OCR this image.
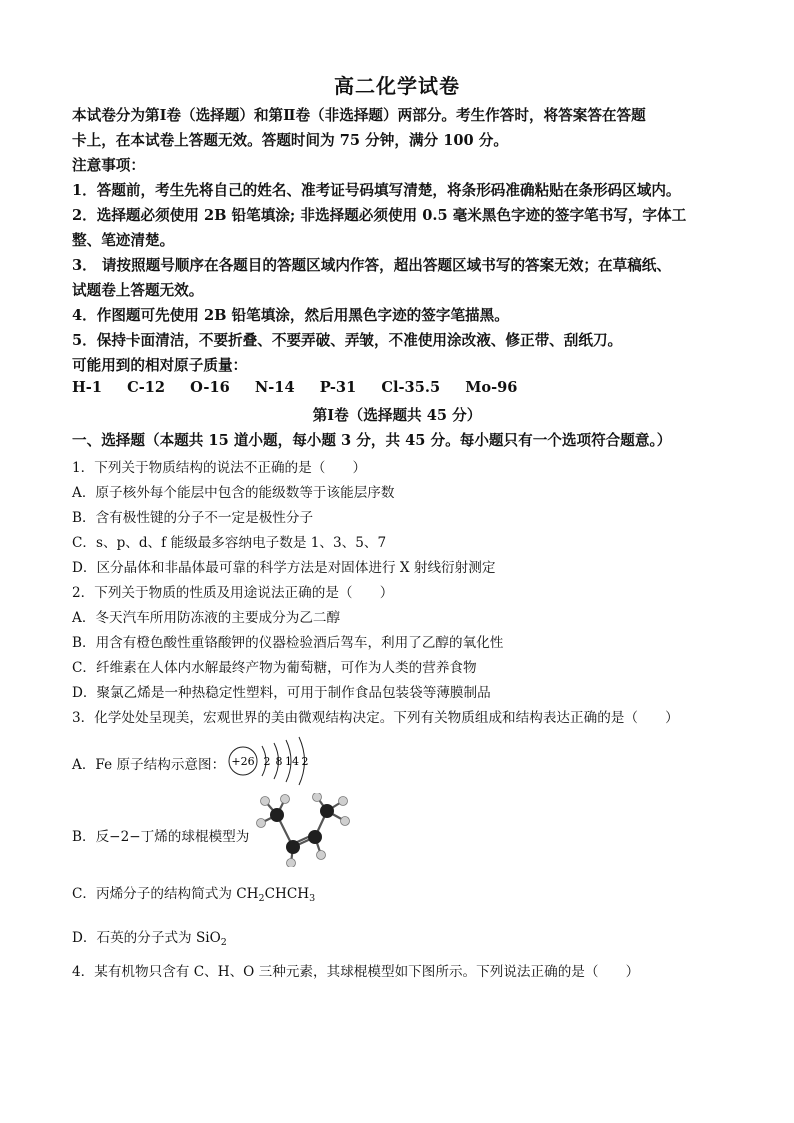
高二化学试卷
本试卷分为第Ⅰ卷（选择题）和第Ⅱ卷（非选择题）两部分。考生作答时，将答案答在答题
卡上，在本试卷上答题无效。答题时间为 75 分钟，满分 100 分。
注意事项：
1．答题前，考生先将自己的姓名、准考证号码填写清楚，将条形码准确粘贴在条形码区域内。
2．选择题必须使用 2B 铅笔填涂; 非选择题必须使用 0.5 毫米黑色字迹的签字笔书写，字体工
整、笔迹清楚。
3． 请按照题号顺序在各题目的答题区域内作答，超出答题区域书写的答案无效；在草稿纸、
试题卷上答题无效。
4．作图题可先使用 2B 铅笔填涂，然后用黑色字迹的签字笔描黑。
5．保持卡面清洁，不要折叠、不要弄破、弄皱，不准使用涂改液、修正带、刮纸刀。
可能用到的相对原子质量：
H-1 C-12 O-16 N-14 P-31 Cl-35.5 Mo-96
第Ⅰ卷（选择题共 45 分）
一、选择题（本题共 15 道小题，每小题 3 分，共 45 分。每小题只有一个选项符合题意。）
1．下列关于物质结构的说法不正确的是（　　）
A．原子核外每个能层中包含的能级数等于该能层序数
B．含有极性键的分子不一定是极性分子
C．s、p、d、f 能级最多容纳电子数是 1、3、5、7
D．区分晶体和非晶体最可靠的科学方法是对固体进行 X 射线衍射测定
2．下列关于物质的性质及用途说法正确的是（　　）
A．冬天汽车所用防冻液的主要成分为乙二醇
B．用含有橙色酸性重铬酸钾的仪器检验酒后驾车，利用了乙醇的氧化性
C．纤维素在人体内水解最终产物为葡萄糖，可作为人类的营养食物
D．聚氯乙烯是一种热稳定性塑料，可用于制作食品包装袋等薄膜制品
3．化学处处呈现美，宏观世界的美由微观结构决定。下列有关物质组成和结构表达正确的是（　　）
A．Fe 原子结构示意图： +26 2 8 14 2
B．反−2−丁烯的球棍模型为
C．丙烯分子的结构简式为 $CH_2CHCH_3$
D．石英的分子式为 SiO$_2$
4．某有机物只含有 C、H、O 三种元素，其球棍模型如下图所示。下列说法正确的是（　　）
